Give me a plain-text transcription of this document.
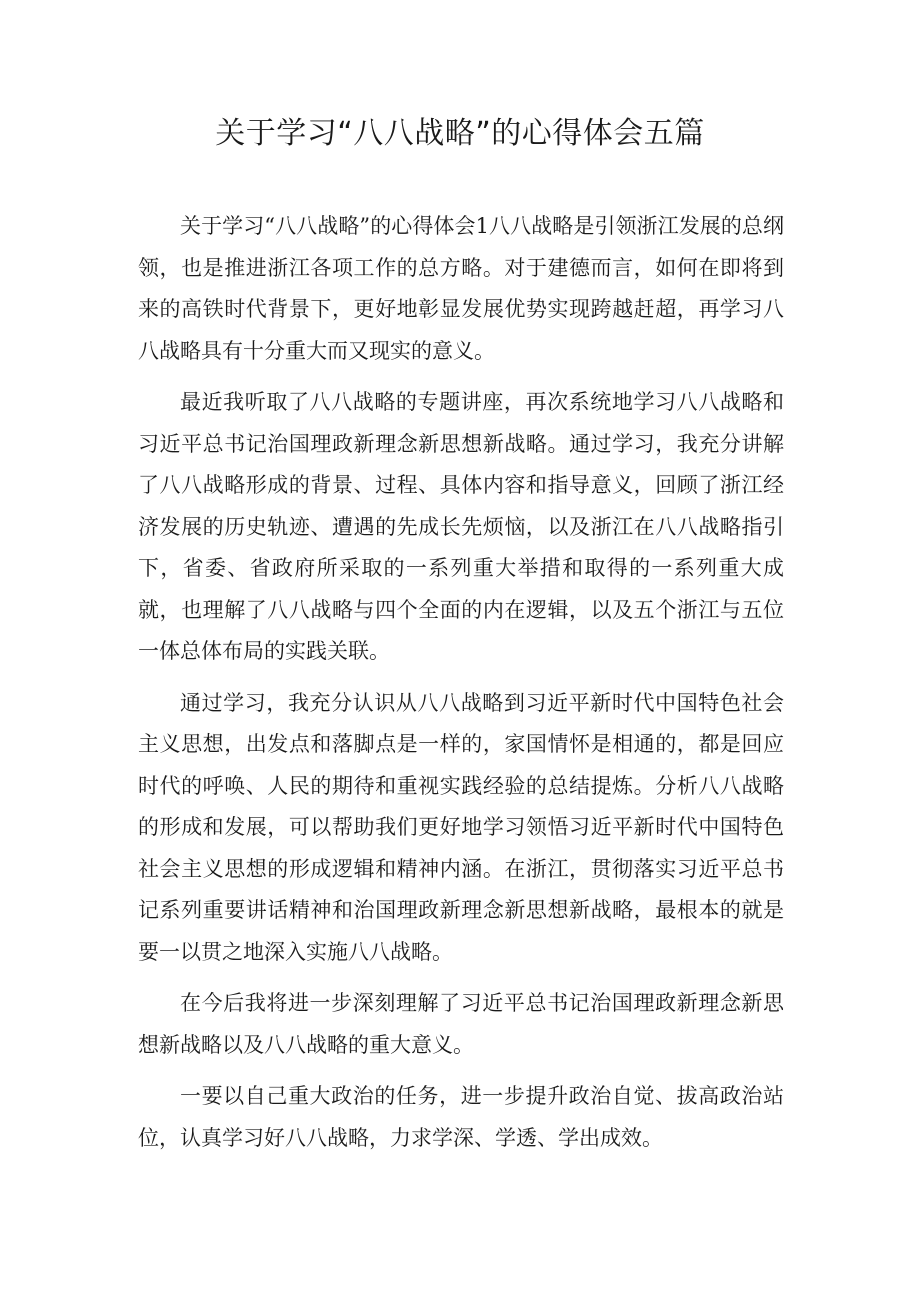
关于学习“八八战略”的心得体会五篇

关于学习“八八战略”的心得体会1八八战略是引领浙江发展的总纲领，也是推进浙江各项工作的总方略。对于建德而言，如何在即将到来的高铁时代背景下，更好地彰显发展优势实现跨越赶超，再学习八八战略具有十分重大而又现实的意义。

最近我听取了八八战略的专题讲座，再次系统地学习八八战略和习近平总书记治国理政新理念新思想新战略。通过学习，我充分讲解了八八战略形成的背景、过程、具体内容和指导意义，回顾了浙江经济发展的历史轨迹、遭遇的先成长先烦恼，以及浙江在八八战略指引下，省委、省政府所采取的一系列重大举措和取得的一系列重大成就，也理解了八八战略与四个全面的内在逻辑，以及五个浙江与五位一体总体布局的实践关联。

通过学习，我充分认识从八八战略到习近平新时代中国特色社会主义思想，出发点和落脚点是一样的，家国情怀是相通的，都是回应时代的呼唤、人民的期待和重视实践经验的总结提炼。分析八八战略的形成和发展，可以帮助我们更好地学习领悟习近平新时代中国特色社会主义思想的形成逻辑和精神内涵。在浙江，贯彻落实习近平总书记系列重要讲话精神和治国理政新理念新思想新战略，最根本的就是要一以贯之地深入实施八八战略。

在今后我将进一步深刻理解了习近平总书记治国理政新理念新思想新战略以及八八战略的重大意义。

一要以自己重大政治的任务，进一步提升政治自觉、拔高政治站位，认真学习好八八战略，力求学深、学透、学出成效。
